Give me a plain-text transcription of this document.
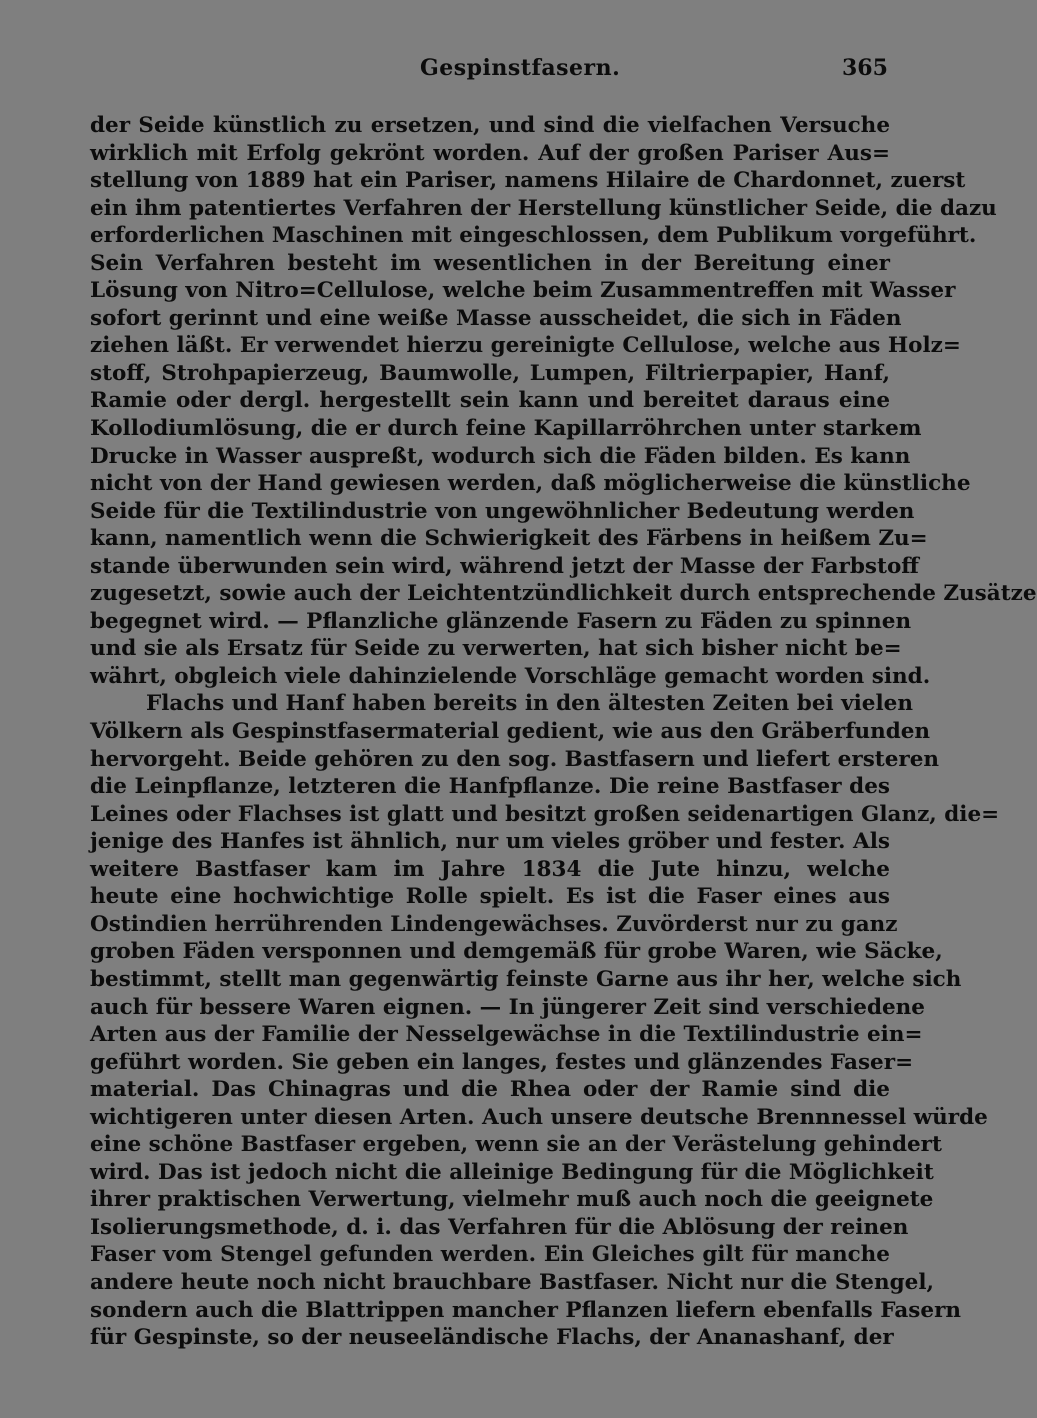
Gespinstfasern.	365
der Seide künstlich zu ersetzen, und sind die vielfachen Versuche
wirklich mit Erfolg gekrönt worden. Auf der großen Pariser Aus=
stellung von 1889 hat ein Pariser, namens Hilaire de Chardonnet, zuerst
ein ihm patentiertes Verfahren der Herstellung künstlicher Seide, die dazu
erforderlichen Maschinen mit eingeschlossen, dem Publikum vorgeführt.
Sein Verfahren besteht im wesentlichen in der Bereitung einer
Lösung von Nitro=Cellulose, welche beim Zusammentreffen mit Wasser
sofort gerinnt und eine weiße Masse ausscheidet, die sich in Fäden
ziehen läßt. Er verwendet hierzu gereinigte Cellulose, welche aus Holz=
stoff, Strohpapierzeug, Baumwolle, Lumpen, Filtrierpapier, Hanf,
Ramie oder dergl. hergestellt sein kann und bereitet daraus eine
Kollodiumlösung, die er durch feine Kapillarröhrchen unter starkem
Drucke in Wasser auspreßt, wodurch sich die Fäden bilden. Es kann
nicht von der Hand gewiesen werden, daß möglicherweise die künstliche
Seide für die Textilindustrie von ungewöhnlicher Bedeutung werden
kann, namentlich wenn die Schwierigkeit des Färbens in heißem Zu=
stande überwunden sein wird, während jetzt der Masse der Farbstoff
zugesetzt, sowie auch der Leichtentzündlichkeit durch entsprechende Zusätze
begegnet wird. — Pflanzliche glänzende Fasern zu Fäden zu spinnen
und sie als Ersatz für Seide zu verwerten, hat sich bisher nicht be=
währt, obgleich viele dahinzielende Vorschläge gemacht worden sind.
Flachs und Hanf haben bereits in den ältesten Zeiten bei vielen
Völkern als Gespinstfasermaterial gedient, wie aus den Gräberfunden
hervorgeht. Beide gehören zu den sog. Bastfasern und liefert ersteren
die Leinpflanze, letzteren die Hanfpflanze. Die reine Bastfaser des
Leines oder Flachses ist glatt und besitzt großen seidenartigen Glanz, die=
jenige des Hanfes ist ähnlich, nur um vieles gröber und fester. Als
weitere Bastfaser kam im Jahre 1834 die Jute hinzu, welche
heute eine hochwichtige Rolle spielt. Es ist die Faser eines aus
Ostindien herrührenden Lindengewächses. Zuvörderst nur zu ganz
groben Fäden versponnen und demgemäß für grobe Waren, wie Säcke,
bestimmt, stellt man gegenwärtig feinste Garne aus ihr her, welche sich
auch für bessere Waren eignen. — In jüngerer Zeit sind verschiedene
Arten aus der Familie der Nesselgewächse in die Textilindustrie ein=
geführt worden. Sie geben ein langes, festes und glänzendes Faser=
material. Das Chinagras und die Rhea oder der Ramie sind die
wichtigeren unter diesen Arten. Auch unsere deutsche Brennnessel würde
eine schöne Bastfaser ergeben, wenn sie an der Verästelung gehindert
wird. Das ist jedoch nicht die alleinige Bedingung für die Möglichkeit
ihrer praktischen Verwertung, vielmehr muß auch noch die geeignete
Isolierungsmethode, d. i. das Verfahren für die Ablösung der reinen
Faser vom Stengel gefunden werden. Ein Gleiches gilt für manche
andere heute noch nicht brauchbare Bastfaser. Nicht nur die Stengel,
sondern auch die Blattrippen mancher Pflanzen liefern ebenfalls Fasern
für Gespinste, so der neuseeländische Flachs, der Ananashanf, der
